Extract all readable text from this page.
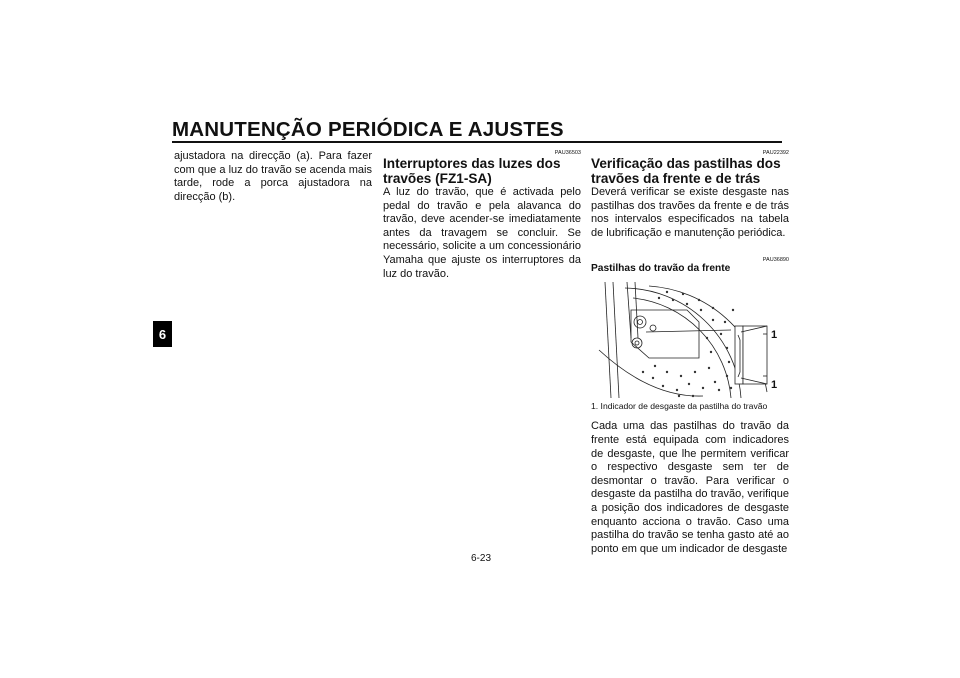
MANUTENÇÃO PERIÓDICA E AJUSTES
6

ajustadora na direcção (a). Para fazer com que a luz do travão se acenda mais tarde, rode a porca ajustadora na direcção (b).

PAU36503
Interruptores das luzes dos travões (FZ1-SA)

A luz do travão, que é activada pelo pedal do travão e pela alavanca do travão, deve acender-se imediatamente antes da travagem se concluir. Se necessário, solicite a um concessionário Yamaha que ajuste os interruptores da luz do travão.

PAU22392
Verificação das pastilhas dos travões da frente e de trás

Deverá verificar se existe desgaste nas pastilhas dos travões da frente e de trás nos intervalos especificados na tabela de lubrificação e manutenção periódica.

PAU36890
Pastilhas do travão da frente
1
1

1. Indicador de desgaste da pastilha do travão

Cada uma das pastilhas do travão da frente está equipada com indicadores de desgaste, que lhe permitem verificar o respectivo desgaste sem ter de desmontar o travão. Para verificar o desgaste da pastilha do travão, verifique a posição dos indicadores de desgaste enquanto acciona o travão. Caso uma pastilha do travão se tenha gasto até ao ponto em que um indicador de desgaste

6-23
